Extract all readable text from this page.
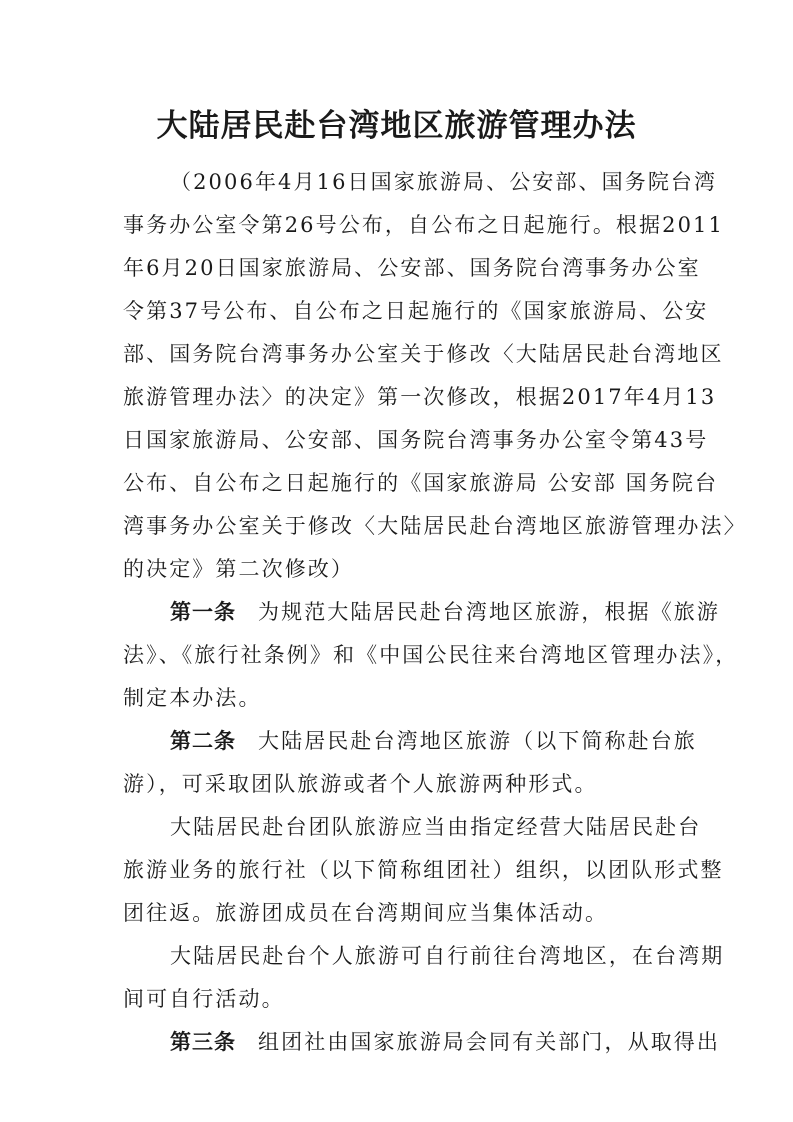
大陆居民赴台湾地区旅游管理办法
（2006年4月16日国家旅游局、公安部、国务院台湾
事务办公室令第26号公布，自公布之日起施行。根据2011
年6月20日国家旅游局、公安部、国务院台湾事务办公室
令第37号公布、自公布之日起施行的《国家旅游局、公安
部、国务院台湾事务办公室关于修改〈大陆居民赴台湾地区
旅游管理办法〉的决定》第一次修改，根据2017年4月13
日国家旅游局、公安部、国务院台湾事务办公室令第43号
公布、自公布之日起施行的《国家旅游局 公安部 国务院台
湾事务办公室关于修改〈大陆居民赴台湾地区旅游管理办法〉
的决定》第二次修改）
第一条 为规范大陆居民赴台湾地区旅游，根据《旅游
法》、《旅行社条例》和《中国公民往来台湾地区管理办法》，
制定本办法。
第二条 大陆居民赴台湾地区旅游（以下简称赴台旅
游），可采取团队旅游或者个人旅游两种形式。
大陆居民赴台团队旅游应当由指定经营大陆居民赴台
旅游业务的旅行社（以下简称组团社）组织，以团队形式整
团往返。旅游团成员在台湾期间应当集体活动。
大陆居民赴台个人旅游可自行前往台湾地区，在台湾期
间可自行活动。
第三条 组团社由国家旅游局会同有关部门，从取得出
